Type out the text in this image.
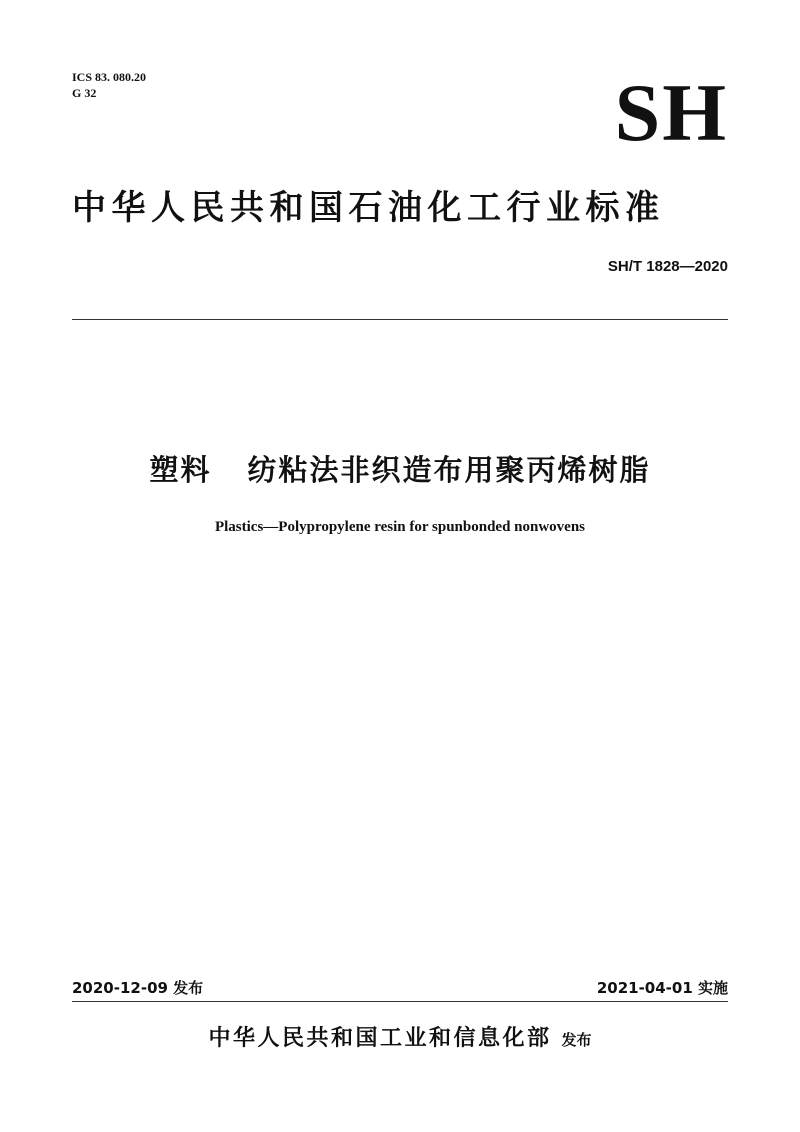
ICS 83. 080.20
G 32	SH
中华人民共和国石油化工行业标准
SH/T 1828—2020
塑料 纺粘法非织造布用聚丙烯树脂
Plastics—Polypropylene resin for spunbonded nonwovens
2020-12-09 发布	2021-04-01 实施
中华人民共和国工业和信息化部 发布
